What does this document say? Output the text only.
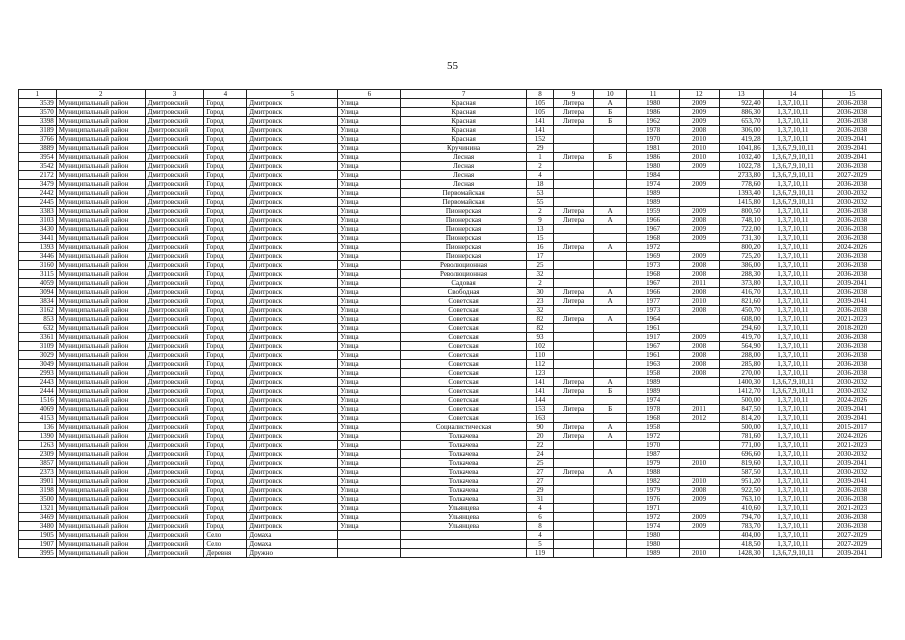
55
1	2	3	4	5	6	7	8	9	10	11	12	13	14	15
3539	Муниципальный район	Дмитровский	Город	Дмитровск	Улица	Красная	105	Литера	А	1980	2009	922,40	1,3,7,10,11	2036-2038
3570	Муниципальный район	Дмитровский	Город	Дмитровск	Улица	Красная	105	Литера	Б	1986	2009	886,30	1,3,7,10,11	2036-2038
3398	Муниципальный район	Дмитровский	Город	Дмитровск	Улица	Красная	141	Литера	Б	1962	2009	653,70	1,3,7,10,11	2036-2038
3189	Муниципальный район	Дмитровский	Город	Дмитровск	Улица	Красная	141			1978	2008	306,00	1,3,7,10,11	2036-2038
3766	Муниципальный район	Дмитровский	Город	Дмитровск	Улица	Красная	152			1970	2010	419,28	1,3,7,10,11	2039-2041
3889	Муниципальный район	Дмитровский	Город	Дмитровск	Улица	Кручинина	29			1981	2010	1041,86	1,3,6,7,9,10,11	2039-2041
3954	Муниципальный район	Дмитровский	Город	Дмитровск	Улица	Лесная	1	Литера	Б	1986	2010	1032,40	1,3,6,7,9,10,11	2039-2041
3542	Муниципальный район	Дмитровский	Город	Дмитровск	Улица	Лесная	2			1980	2009	1022,78	1,3,6,7,9,10,11	2036-2038
2172	Муниципальный район	Дмитровский	Город	Дмитровск	Улица	Лесная	4			1984		2733,80	1,3,6,7,9,10,11	2027-2029
3479	Муниципальный район	Дмитровский	Город	Дмитровск	Улица	Лесная	18			1974	2009	778,60	1,3,7,10,11	2036-2038
2442	Муниципальный район	Дмитровский	Город	Дмитровск	Улица	Первомайская	53			1989		1393,40	1,3,6,7,9,10,11	2030-2032
2445	Муниципальный район	Дмитровский	Город	Дмитровск	Улица	Первомайская	55			1989		1415,80	1,3,6,7,9,10,11	2030-2032
3383	Муниципальный район	Дмитровский	Город	Дмитровск	Улица	Пионерская	2	Литера	А	1959	2009	800,50	1,3,7,10,11	2036-2038
3103	Муниципальный район	Дмитровский	Город	Дмитровск	Улица	Пионерская	9	Литера	А	1966	2008	748,10	1,3,7,10,11	2036-2038
3430	Муниципальный район	Дмитровский	Город	Дмитровск	Улица	Пионерская	13			1967	2009	722,00	1,3,7,10,11	2036-2038
3441	Муниципальный район	Дмитровский	Город	Дмитровск	Улица	Пионерская	15			1968	2009	731,30	1,3,7,10,11	2036-2038
1393	Муниципальный район	Дмитровский	Город	Дмитровск	Улица	Пионерская	16	Литера	А	1972		800,20	1,3,7,10,11	2024-2026
3446	Муниципальный район	Дмитровский	Город	Дмитровск	Улица	Пионерская	17			1969	2009	725,20	1,3,7,10,11	2036-2038
3160	Муниципальный район	Дмитровский	Город	Дмитровск	Улица	Революционная	25			1973	2008	386,00	1,3,7,10,11	2036-2038
3115	Муниципальный район	Дмитровский	Город	Дмитровск	Улица	Революционная	32			1968	2008	288,30	1,3,7,10,11	2036-2038
4059	Муниципальный район	Дмитровский	Город	Дмитровск	Улица	Садовая	2			1967	2011	373,80	1,3,7,10,11	2039-2041
3094	Муниципальный район	Дмитровский	Город	Дмитровск	Улица	Свободная	30	Литера	А	1966	2008	416,70	1,3,7,10,11	2036-2038
3834	Муниципальный район	Дмитровский	Город	Дмитровск	Улица	Советская	23	Литера	А	1977	2010	821,60	1,3,7,10,11	2039-2041
3162	Муниципальный район	Дмитровский	Город	Дмитровск	Улица	Советская	32			1973	2008	450,70	1,3,7,10,11	2036-2038
853	Муниципальный район	Дмитровский	Город	Дмитровск	Улица	Советская	82	Литера	А	1964		608,00	1,3,7,10,11	2021-2023
632	Муниципальный район	Дмитровский	Город	Дмитровск	Улица	Советская	82			1961		294,60	1,3,7,10,11	2018-2020
3361	Муниципальный район	Дмитровский	Город	Дмитровск	Улица	Советская	93			1917	2009	419,70	1,3,7,10,11	2036-2038
3109	Муниципальный район	Дмитровский	Город	Дмитровск	Улица	Советская	102			1967	2008	564,90	1,3,7,10,11	2036-2038
3029	Муниципальный район	Дмитровский	Город	Дмитровск	Улица	Советская	110			1961	2008	288,00	1,3,7,10,11	2036-2038
3049	Муниципальный район	Дмитровский	Город	Дмитровск	Улица	Советская	112			1963	2008	285,80	1,3,7,10,11	2036-2038
2993	Муниципальный район	Дмитровский	Город	Дмитровск	Улица	Советская	123			1958	2008	270,00	1,3,7,10,11	2036-2038
2443	Муниципальный район	Дмитровский	Город	Дмитровск	Улица	Советская	141	Литера	А	1989		1400,30	1,3,6,7,9,10,11	2030-2032
2444	Муниципальный район	Дмитровский	Город	Дмитровск	Улица	Советская	141	Литера	Б	1989		1412,70	1,3,6,7,9,10,11	2030-2032
1516	Муниципальный район	Дмитровский	Город	Дмитровск	Улица	Советская	144			1974		500,00	1,3,7,10,11	2024-2026
4069	Муниципальный район	Дмитровский	Город	Дмитровск	Улица	Советская	153	Литера	Б	1978	2011	847,50	1,3,7,10,11	2039-2041
4153	Муниципальный район	Дмитровский	Город	Дмитровск	Улица	Советская	163			1968	2012	814,20	1,3,7,10,11	2039-2041
136	Муниципальный район	Дмитровский	Город	Дмитровск	Улица	Социалистическая	90	Литера	А	1958		500,00	1,3,7,10,11	2015-2017
1390	Муниципальный район	Дмитровский	Город	Дмитровск	Улица	Толкачева	20	Литера	А	1972		781,60	1,3,7,10,11	2024-2026
1263	Муниципальный район	Дмитровский	Город	Дмитровск	Улица	Толкачева	22			1970		771,00	1,3,7,10,11	2021-2023
2309	Муниципальный район	Дмитровский	Город	Дмитровск	Улица	Толкачева	24			1987		696,60	1,3,7,10,11	2030-2032
3857	Муниципальный район	Дмитровский	Город	Дмитровск	Улица	Толкачева	25			1979	2010	819,60	1,3,7,10,11	2039-2041
2373	Муниципальный район	Дмитровский	Город	Дмитровск	Улица	Толкачева	27	Литера	А	1988		587,50	1,3,7,10,11	2030-2032
3901	Муниципальный район	Дмитровский	Город	Дмитровск	Улица	Толкачева	27			1982	2010	951,20	1,3,7,10,11	2039-2041
3198	Муниципальный район	Дмитровский	Город	Дмитровск	Улица	Толкачева	29			1979	2008	922,50	1,3,7,10,11	2036-2038
3500	Муниципальный район	Дмитровский	Город	Дмитровск	Улица	Толкачева	31			1976	2009	763,10	1,3,7,10,11	2036-2038
1321	Муниципальный район	Дмитровский	Город	Дмитровск	Улица	Ульянцева	4			1971		410,60	1,3,7,10,11	2021-2023
3469	Муниципальный район	Дмитровский	Город	Дмитровск	Улица	Ульянцева	6			1972	2009	794,70	1,3,7,10,11	2036-2038
3480	Муниципальный район	Дмитровский	Город	Дмитровск	Улица	Ульянцева	8			1974	2009	783,70	1,3,7,10,11	2036-2038
1905	Муниципальный район	Дмитровский	Село	Домаха			4			1980		404,00	1,3,7,10,11	2027-2029
1907	Муниципальный район	Дмитровский	Село	Домаха			5			1980		418,50	1,3,7,10,11	2027-2029
3995	Муниципальный район	Дмитровский	Деревня	Дружно			119			1989	2010	1428,30	1,3,6,7,9,10,11	2039-2041
